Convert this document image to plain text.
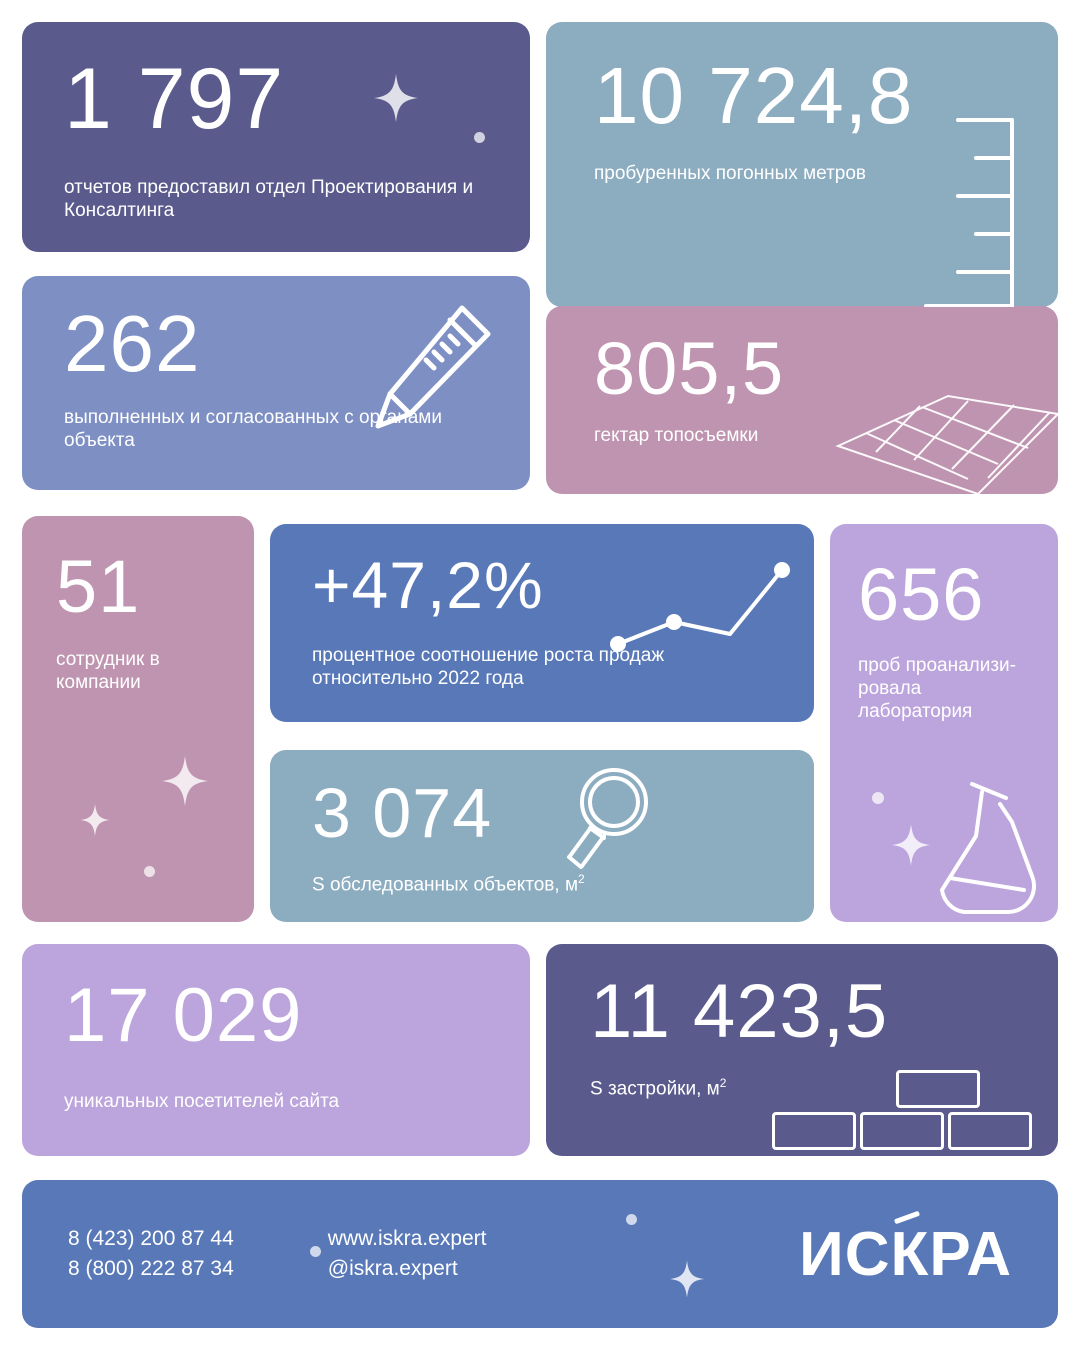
1 797
отчетов предоставил отдел Проектирования и Консалтинга
10 724,8
пробуренных погонных метров
262
выполненных и согласованных с органами объекта
805,5
гектар топосъемки
51
сотрудник в компании
+47,2%
процентное соотношение роста продаж относительно 2022 года
656
проб проанализи-ровала лаборатория
3 074
S обследованных объектов, $м^2$
17 029
уникальных посетителей сайта
11 423,5
S застройки, $м^2$
8 (423) 200 87 44
8 (800) 222 87 34
www.iskra.expert
@iskra.expert	ИСКРА
